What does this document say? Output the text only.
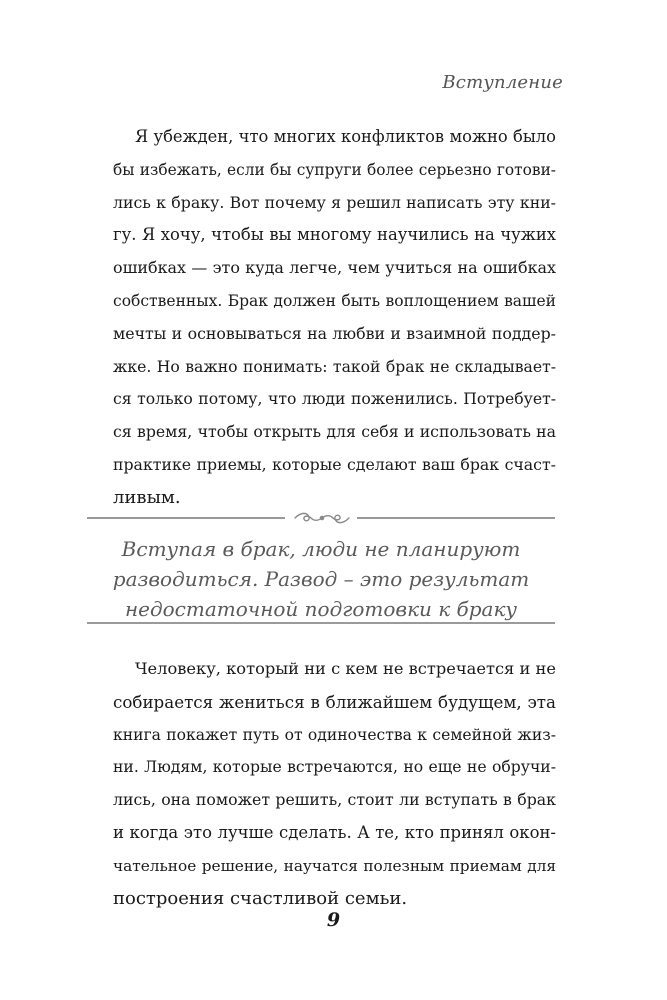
Вступление
Я убежден, что многих конфликтов можно было
бы избежать, если бы супруги более серьезно готови-
лись к браку. Вот почему я решил написать эту кни-
гу. Я хочу, чтобы вы многому научились на чужих
ошибках — это куда легче, чем учиться на ошибках
собственных. Брак должен быть воплощением вашей
мечты и основываться на любви и взаимной поддер-
жке. Но важно понимать: такой брак не складывает-
ся только потому, что люди поженились. Потребует-
ся время, чтобы открыть для себя и использовать на
практике приемы, которые сделают ваш брак счаст-
ливым.

Вступая в брак, люди не планируют
разводиться. Развод – это результат
недостаточной подготовки к браку

Человеку, который ни с кем не встречается и не
собирается жениться в ближайшем будущем, эта
книга покажет путь от одиночества к семейной жиз-
ни. Людям, которые встречаются, но еще не обручи-
лись, она поможет решить, стоит ли вступать в брак
и когда это лучше сделать. А те, кто принял окон-
чательное решение, научатся полезным приемам для
построения счастливой семьи.
9
